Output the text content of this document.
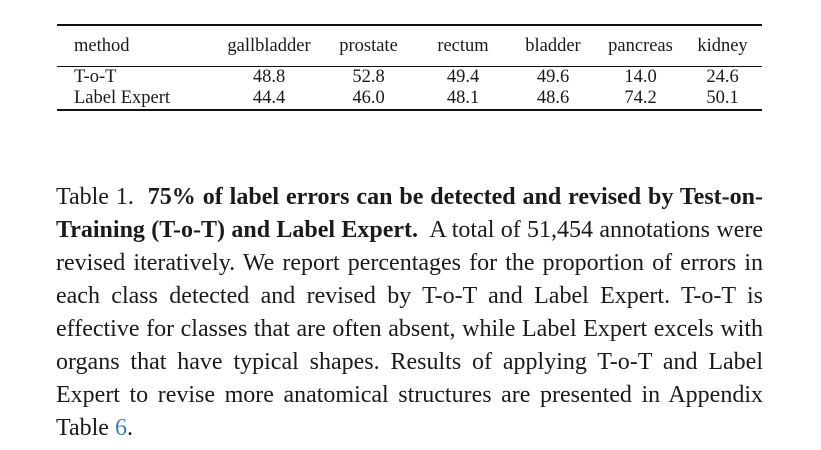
method	gallbladder	prostate	rectum	bladder	pancreas	kidney

T-o-T	48.8	52.8	49.4	49.6	14.0	24.6
Label Expert	44.4	46.0	48.1	48.6	74.2	50.1

Table 1. 75% of label errors can be detected and revised by Test-on-Training (T-o-T) and Label Expert. A total of 51,454 annotations were revised iteratively. We report percentages for the proportion of errors in each class detected and revised by T-o-T and Label Expert. T-o-T is effective for classes that are often absent, while Label Expert excels with organs that have typical shapes. Results of applying T-o-T and Label Expert to revise more anatomical structures are presented in Appendix Table 6.
